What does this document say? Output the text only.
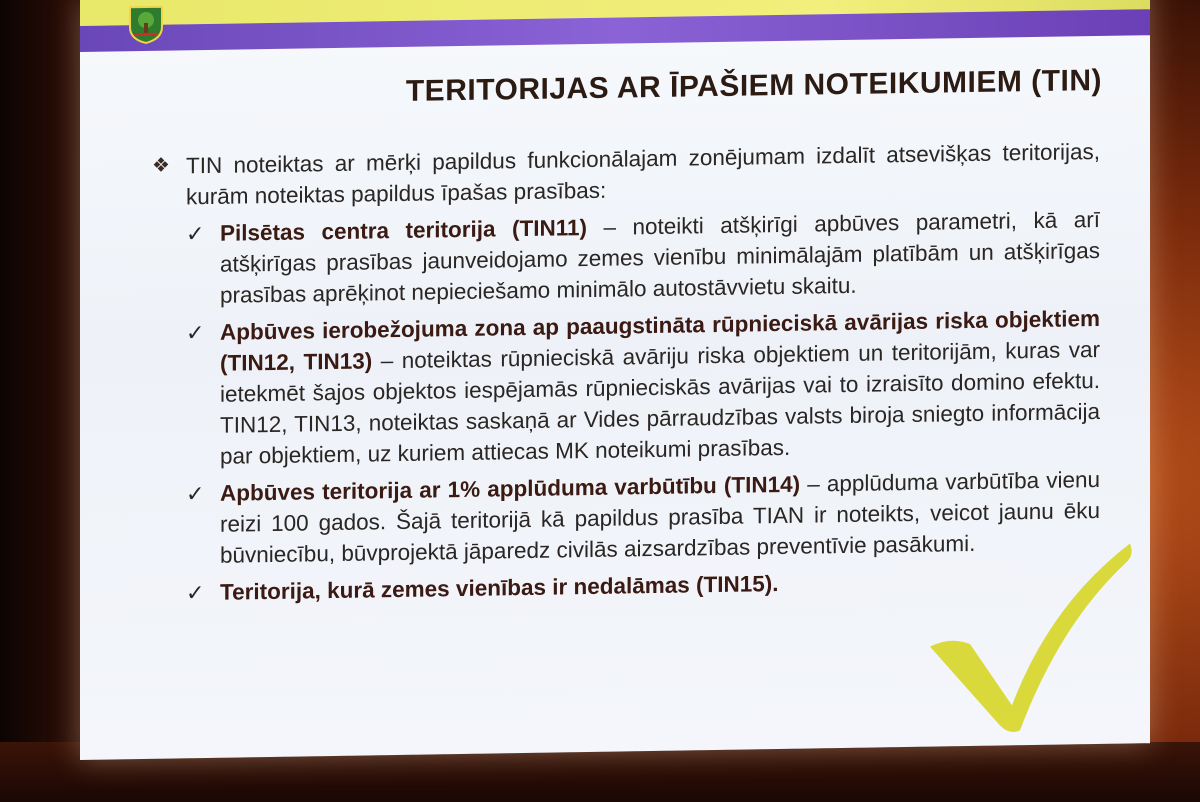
TERITORIJAS AR ĪPAŠIEM NOTEIKUMIEM (TIN)
❖ TIN noteiktas ar mērķi papildus funkcionālajam zonējumam izdalīt atsevišķas teritorijas, kurām noteiktas papildus īpašas prasības:
✓ Pilsētas centra teritorija (TIN11) – noteikti atšķirīgi apbūves parametri, kā arī atšķirīgas prasības jaunveidojamo zemes vienību minimālajām platībām un atšķirīgas prasības aprēķinot nepieciešamo minimālo autostāvvietu skaitu.
✓ Apbūves ierobežojuma zona ap paaugstināta rūpnieciskā avārijas riska objektiem (TIN12, TIN13) – noteiktas rūpnieciskā avāriju riska objektiem un teritorijām, kuras var ietekmēt šajos objektos iespējamās rūpnieciskās avārijas vai to izraisīto domino efektu. TIN12, TIN13, noteiktas saskaņā ar Vides pārraudzības valsts biroja sniegto informācija par objektiem, uz kuriem attiecas MK noteikumi prasības.
✓ Apbūves teritorija ar 1% applūduma varbūtību (TIN14) – applūduma varbūtība vienu reizi 100 gados. Šajā teritorijā kā papildus prasība TIAN ir noteikts, veicot jaunu ēku būvniecību, būvprojektā jāparedz civilās aizsardzības preventīvie pasākumi.
✓ Teritorija, kurā zemes vienības ir nedalāmas (TIN15).
